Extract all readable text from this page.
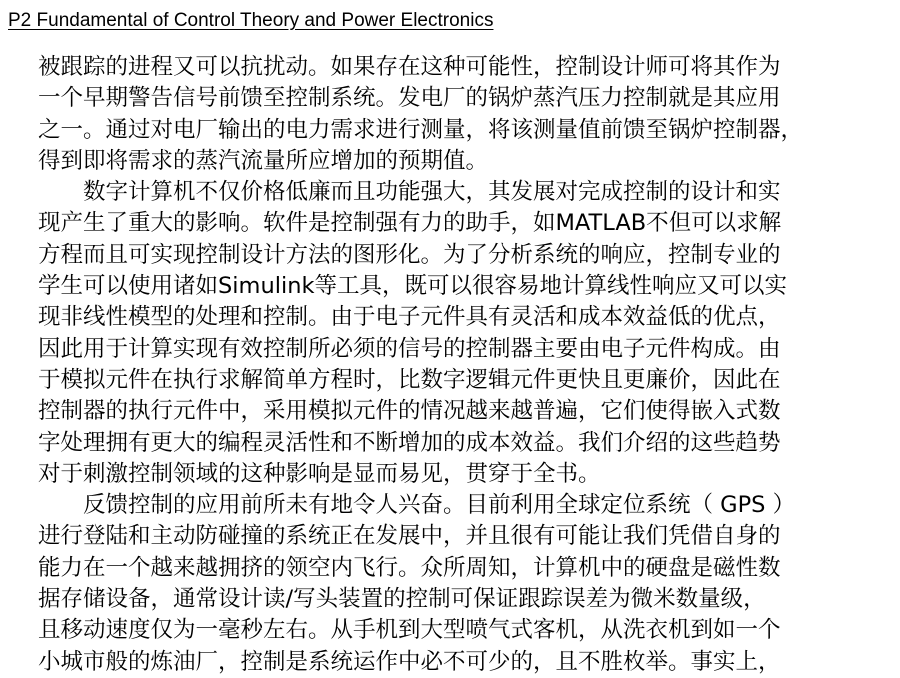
P2 Fundamental of Control Theory and Power Electronics
被跟踪的进程又可以抗扰动。如果存在这种可能性，控制设计师可将其作为
一个早期警告信号前馈至控制系统。发电厂的锅炉蒸汽压力控制就是其应用
之一。通过对电厂输出的电力需求进行测量，将该测量值前馈至锅炉控制器，
得到即将需求的蒸汽流量所应增加的预期值。
　　数字计算机不仅价格低廉而且功能强大，其发展对完成控制的设计和实
现产生了重大的影响。软件是控制强有力的助手，如MATLAB不但可以求解
方程而且可实现控制设计方法的图形化。为了分析系统的响应，控制专业的
学生可以使用诸如Simulink等工具，既可以很容易地计算线性响应又可以实
现非线性模型的处理和控制。由于电子元件具有灵活和成本效益低的优点，
因此用于计算实现有效控制所必须的信号的控制器主要由电子元件构成。由
于模拟元件在执行求解简单方程时，比数字逻辑元件更快且更廉价，因此在
控制器的执行元件中，采用模拟元件的情况越来越普遍，它们使得嵌入式数
字处理拥有更大的编程灵活性和不断增加的成本效益。我们介绍的这些趋势
对于刺激控制领域的这种影响是显而易见，贯穿于全书。
　　反馈控制的应用前所未有地令人兴奋。目前利用全球定位系统（ GPS ）
进行登陆和主动防碰撞的系统正在发展中，并且很有可能让我们凭借自身的
能力在一个越来越拥挤的领空内飞行。众所周知，计算机中的硬盘是磁性数
据存储设备，通常设计读/写头装置的控制可保证跟踪误差为微米数量级，
且移动速度仅为一毫秒左右。从手机到大型喷气式客机，从洗衣机到如一个
小城市般的炼油厂，控制是系统运作中必不可少的，且不胜枚举。事实上，
